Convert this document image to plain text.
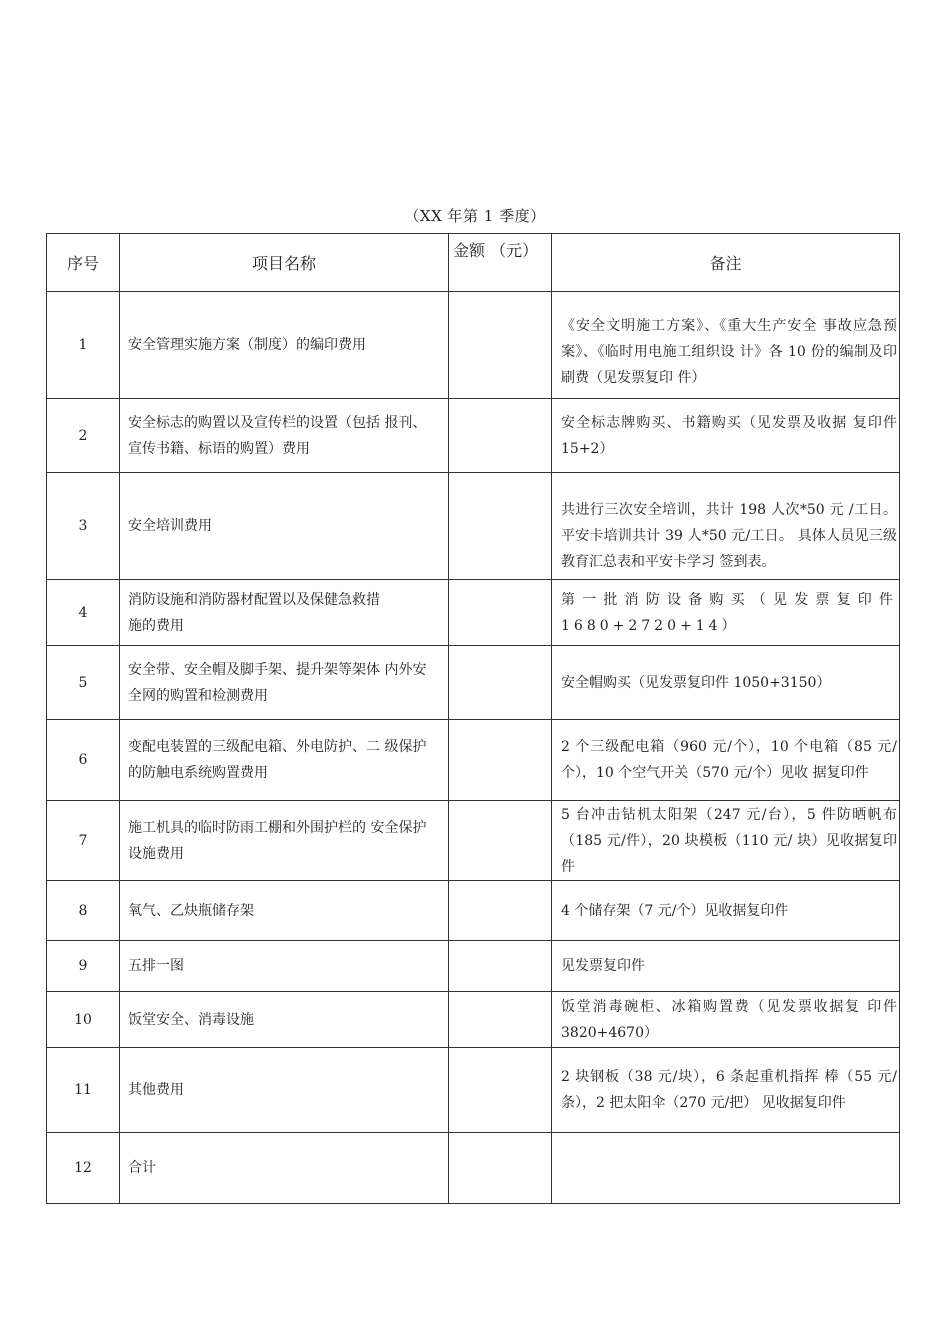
（XX 年第 1 季度）
序号	项目名称	金额 （元）	备注
1	安全管理实施方案（制度）的编印费用		《安全文明施工方案》、《重大生产安全 事故应急预案》、《临时用电施工组织设 计》各 10 份的编制及印刷费（见发票复印 件）
2	安全标志的购置以及宣传栏的设置（包括 报刊、宣传书籍、标语的购置）费用		安全标志牌购买、书籍购买（见发票及收据 复印件 15+2）
3	安全培训费用		共进行三次安全培训，共计 198 人次*50 元 /工日。平安卡培训共计 39 人*50 元/工日。 具体人员见三级教育汇总表和平安卡学习 签到表。
4	消防设施和消防器材配置以及保健急救措施的费用		第一批消防设备购买（见发票复印件 1680+2720+14）
5	安全带、安全帽及脚手架、提升架等架体 内外安全网的购置和检测费用		安全帽购买（见发票复印件 1050+3150）
6	变配电装置的三级配电箱、外电防护、二 级保护的防触电系统购置费用		2 个三级配电箱（960 元/个），10 个电箱（85 元/个），10 个空气开关（570 元/个）见收 据复印件
7	施工机具的临时防雨工棚和外围护栏的 安全保护设施费用		5 台冲击钻机太阳架（247 元/台），5 件防晒帆布（185 元/件），20 块模板（110 元/ 块）见收据复印件
8	氧气、乙炔瓶储存架		4 个储存架（7 元/个）见收据复印件
9	五排一图		见发票复印件
10	饭堂安全、消毒设施		饭堂消毒碗柜、冰箱购置费（见发票收据复 印件 3820+4670）
11	其他费用		2 块钢板（38 元/块），6 条起重机指挥 棒（55 元/条），2 把太阳伞（270 元/把） 见收据复印件
12	合计		
